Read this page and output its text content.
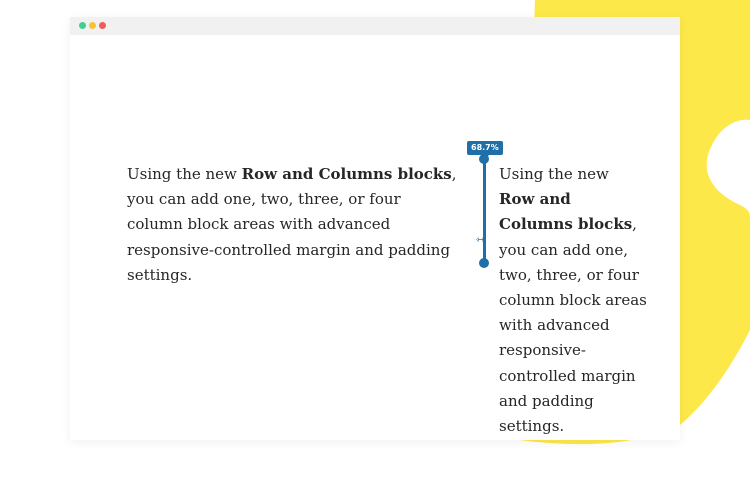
Using the new Row and Columns blocks, you can add one, two, three, or four column block areas with advanced responsive-controlled margin and padding settings.
68.7%
⇿
Using the new Row and Columns blocks, you can add one, two, three, or four column block areas with advanced responsive-controlled margin and padding settings.
